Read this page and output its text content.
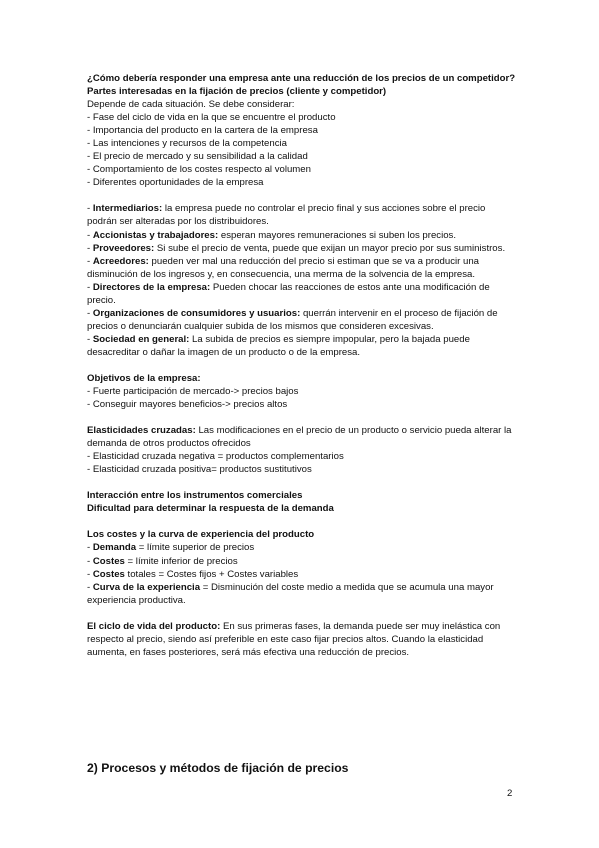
¿Cómo debería responder una empresa ante una reducción de los precios de un competidor?
Partes interesadas en la fijación de precios (cliente y competidor)
Depende de cada situación. Se debe considerar:
- Fase del ciclo de vida en la que se encuentre el producto
- Importancia del producto en la cartera de la empresa
- Las intenciones y recursos de la competencia
- El precio de mercado y su sensibilidad a la calidad
- Comportamiento de los costes respecto al volumen
- Diferentes oportunidades de la empresa
- Intermediarios: la empresa puede no controlar el precio final y sus acciones sobre el precio podrán ser alteradas por los distribuidores.
- Accionistas y trabajadores: esperan mayores remuneraciones si suben los precios.
- Proveedores: Si sube el precio de venta, puede que exijan un mayor precio por sus suministros.
- Acreedores: pueden ver mal una reducción del precio si estiman que se va a producir una disminución de los ingresos y, en consecuencia, una merma de la solvencia de la empresa.
- Directores de la empresa: Pueden chocar las reacciones de estos ante una modificación de precio.
- Organizaciones de consumidores y usuarios: querrán intervenir en el proceso de fijación de precios o denunciarán cualquier subida de los mismos que consideren excesivas.
- Sociedad en general: La subida de precios es siempre impopular, pero la bajada puede desacreditar o dañar la imagen de un producto o de la empresa.
Objetivos de la empresa:
- Fuerte participación de mercado-> precios bajos
- Conseguir mayores beneficios-> precios altos
Elasticidades cruzadas: Las modificaciones en el precio de un producto o servicio pueda alterar la demanda de otros productos ofrecidos
- Elasticidad cruzada negativa = productos complementarios
- Elasticidad cruzada positiva= productos sustitutivos
Interacción entre los instrumentos comerciales
Dificultad para determinar la respuesta de la demanda
Los costes y la curva de experiencia del producto
- Demanda = límite superior de precios
- Costes = límite inferior de precios
- Costes totales = Costes fijos + Costes variables
- Curva de la experiencia = Disminución del coste medio a medida que se acumula una mayor experiencia productiva.
El ciclo de vida del producto: En sus primeras fases, la demanda puede ser muy inelástica con respecto al precio, siendo así preferible en este caso fijar precios altos. Cuando la elasticidad aumenta, en fases posteriores, será más efectiva una reducción de precios.
2) Procesos y métodos de fijación de precios
2
